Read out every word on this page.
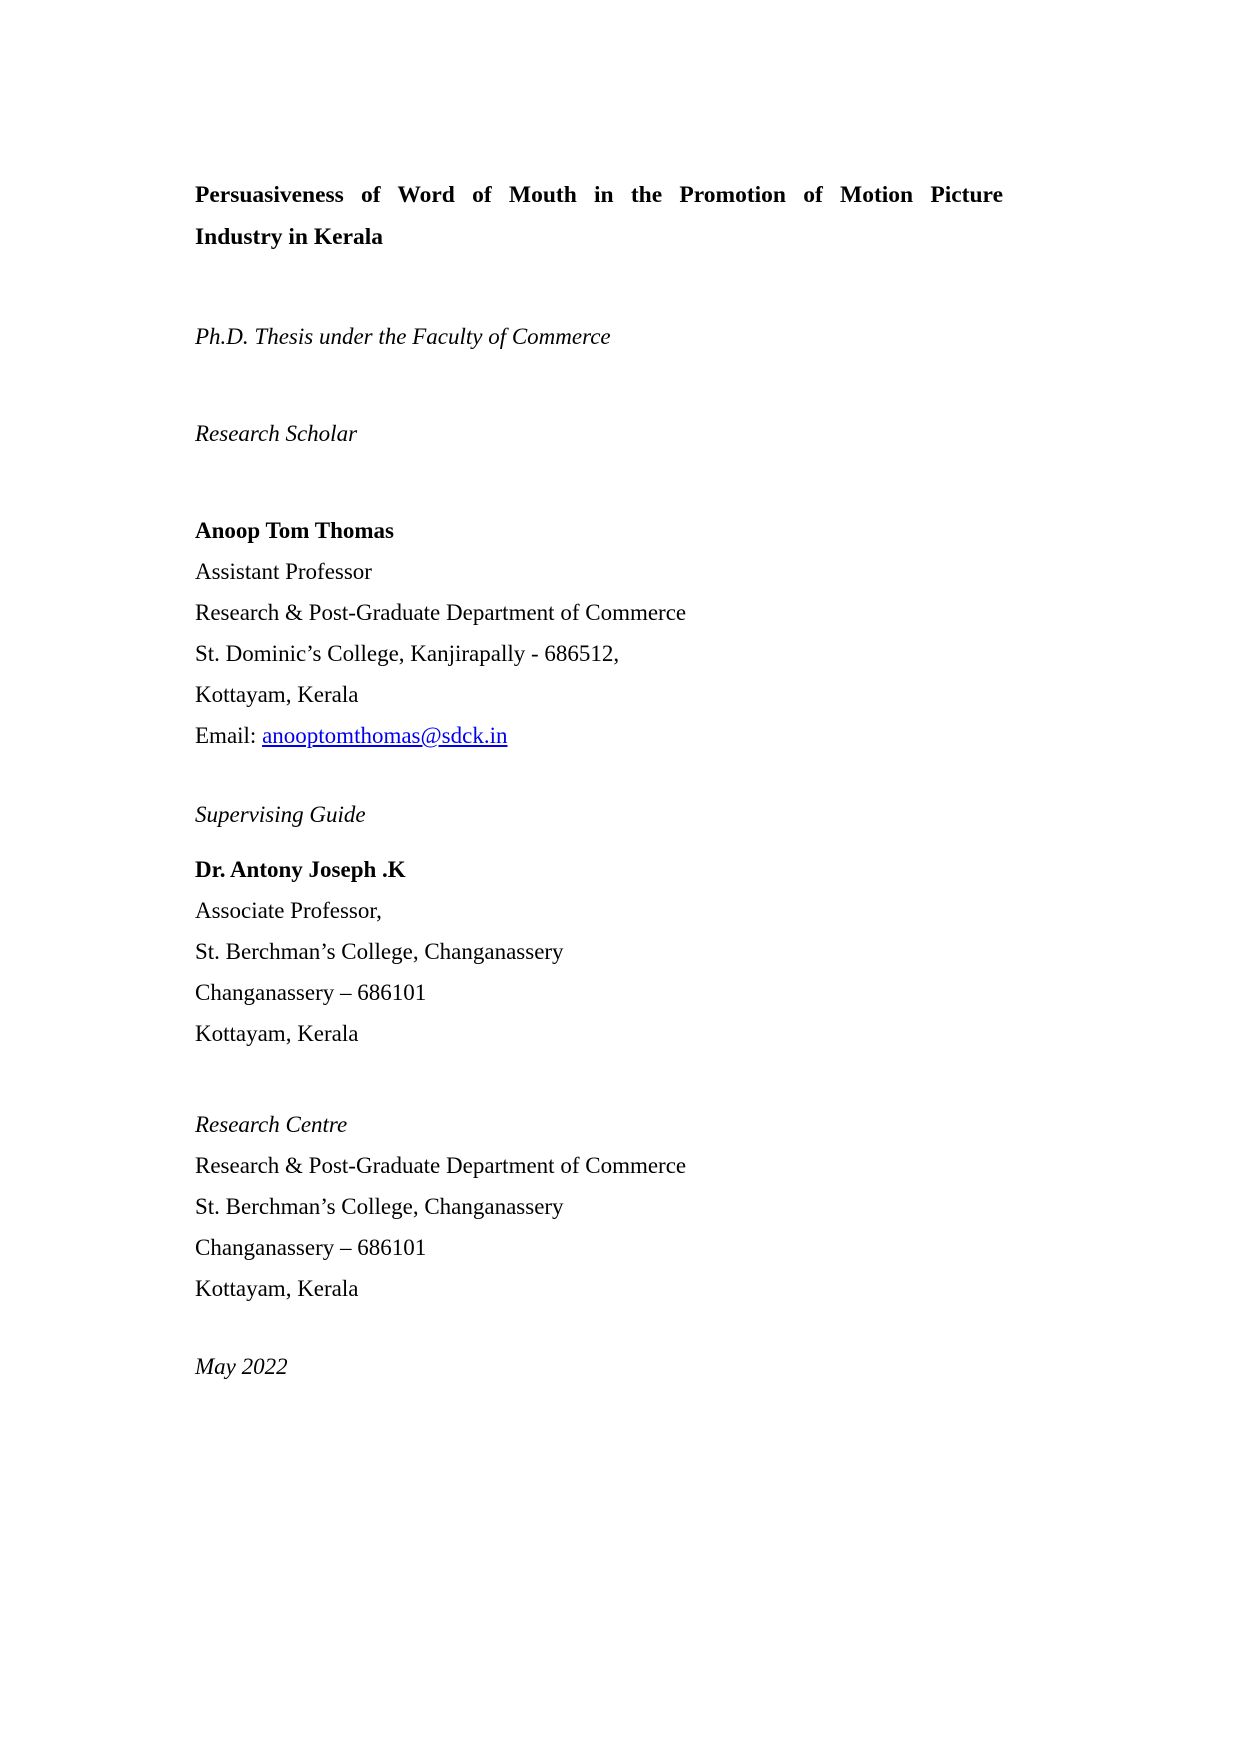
Persuasiveness of Word of Mouth in the Promotion of Motion Picture
Industry in Kerala
Ph.D. Thesis under the Faculty of Commerce
Research Scholar
Anoop Tom Thomas
Assistant Professor
Research & Post-Graduate Department of Commerce
St. Dominic’s College, Kanjirapally - 686512,
Kottayam, Kerala
Email: anooptomthomas@sdck.in
Supervising Guide
Dr. Antony Joseph .K
Associate Professor,
St. Berchman’s College, Changanassery
Changanassery – 686101
Kottayam, Kerala
Research Centre
Research & Post-Graduate Department of Commerce
St. Berchman’s College, Changanassery
Changanassery – 686101
Kottayam, Kerala
May 2022
